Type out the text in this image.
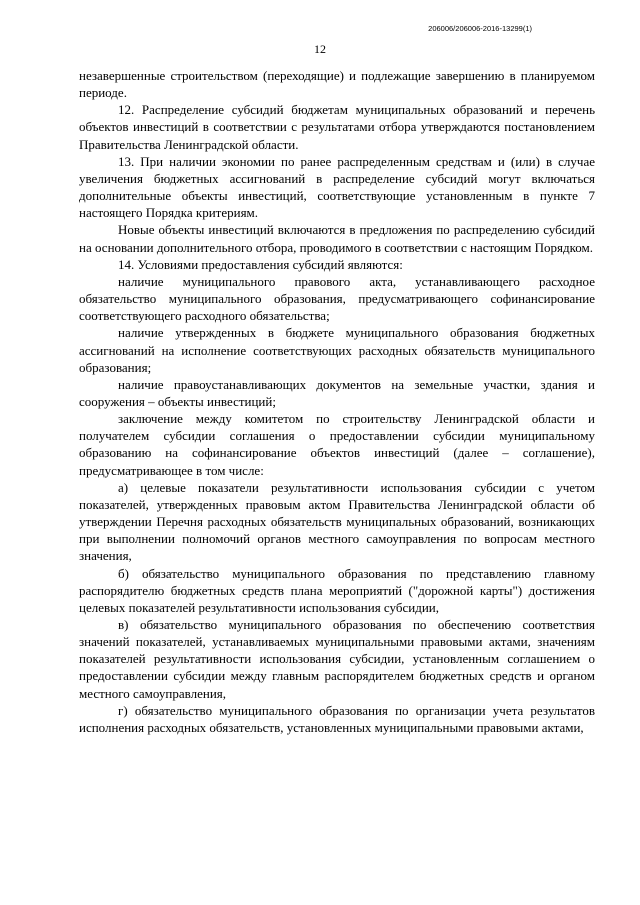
206006/206006-2016-13299(1)
12

незавершенные строительством (переходящие) и подлежащие завершению в планируемом периоде.

12. Распределение субсидий бюджетам муниципальных образований и перечень объектов инвестиций в соответствии с результатами отбора утверждаются постановлением Правительства Ленинградской области.

13. При наличии экономии по ранее распределенным средствам и (или) в случае увеличения бюджетных ассигнований в распределение субсидий могут включаться дополнительные объекты инвестиций, соответствующие установленным в пункте 7 настоящего Порядка критериям.

Новые объекты инвестиций включаются в предложения по распределению субсидий на основании дополнительного отбора, проводимого в соответствии с настоящим Порядком.

14. Условиями предоставления субсидий являются:

наличие муниципального правового акта, устанавливающего расходное обязательство муниципального образования, предусматривающего софинансирование соответствующего расходного обязательства;

наличие утвержденных в бюджете муниципального образования бюджетных ассигнований на исполнение соответствующих расходных обязательств муниципального образования;

наличие правоустанавливающих документов на земельные участки, здания и сооружения – объекты инвестиций;

заключение между комитетом по строительству Ленинградской области и получателем субсидии соглашения о предоставлении субсидии муниципальному образованию на софинансирование объектов инвестиций (далее – соглашение), предусматривающее в том числе:

а) целевые показатели результативности использования субсидии с учетом показателей, утвержденных правовым актом Правительства Ленинградской области об утверждении Перечня расходных обязательств муниципальных образований, возникающих при выполнении полномочий органов местного самоуправления по вопросам местного значения,

б) обязательство муниципального образования по представлению главному распорядителю бюджетных средств плана мероприятий ("дорожной карты") достижения целевых показателей результативности использования субсидии,

в) обязательство муниципального образования по обеспечению соответствия значений показателей, устанавливаемых муниципальными правовыми актами, значениям показателей результативности использования субсидии, установленным соглашением о предоставлении субсидии между главным распорядителем бюджетных средств и органом местного самоуправления,

г) обязательство муниципального образования по организации учета результатов исполнения расходных обязательств, установленных муниципальными правовыми актами,
